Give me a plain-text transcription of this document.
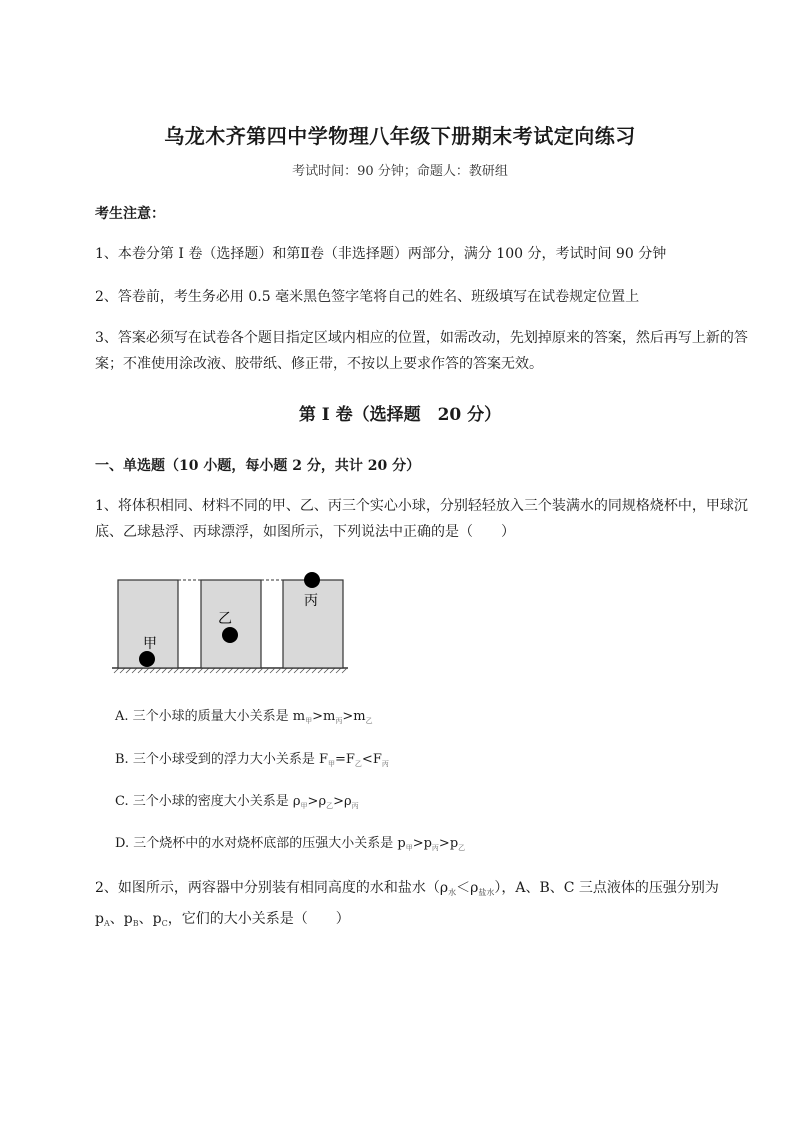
乌龙木齐第四中学物理八年级下册期末考试定向练习
考试时间：90 分钟；命题人：教研组
考生注意：
1、本卷分第 I 卷（选择题）和第Ⅱ卷（非选择题）两部分，满分 100 分，考试时间 90 分钟
2、答卷前，考生务必用 0.5 毫米黑色签字笔将自己的姓名、班级填写在试卷规定位置上
3、答案必须写在试卷各个题目指定区域内相应的位置，如需改动，先划掉原来的答案，然后再写上新的答案；不准使用涂改液、胶带纸、修正带，不按以上要求作答的答案无效。
第 I 卷（选择题　20 分）
一、单选题（10 小题，每小题 2 分，共计 20 分）
1、将体积相同、材料不同的甲、乙、丙三个实心小球，分别轻轻放入三个装满水的同规格烧杯中，甲球沉底、乙球悬浮、丙球漂浮，如图所示，下列说法中正确的是（　　）
甲
乙
丙
A. 三个小球的质量大小关系是 $m_甲>m_丙>m_乙$
B. 三个小球受到的浮力大小关系是 $F_甲=F_乙<F_丙$
C. 三个小球的密度大小关系是 $\rho_甲>\rho_乙>\rho_丙$
D. 三个烧杯中的水对烧杯底部的压强大小关系是 $p_甲>p_丙>p_乙$
2、如图所示，两容器中分别装有相同高度的水和盐水$(\rho_水<\rho_{盐水})$，A、B、C 三点液体的压强分别为 $p_A$、$p_B$、$p_C$，它们的大小关系是（　　）
